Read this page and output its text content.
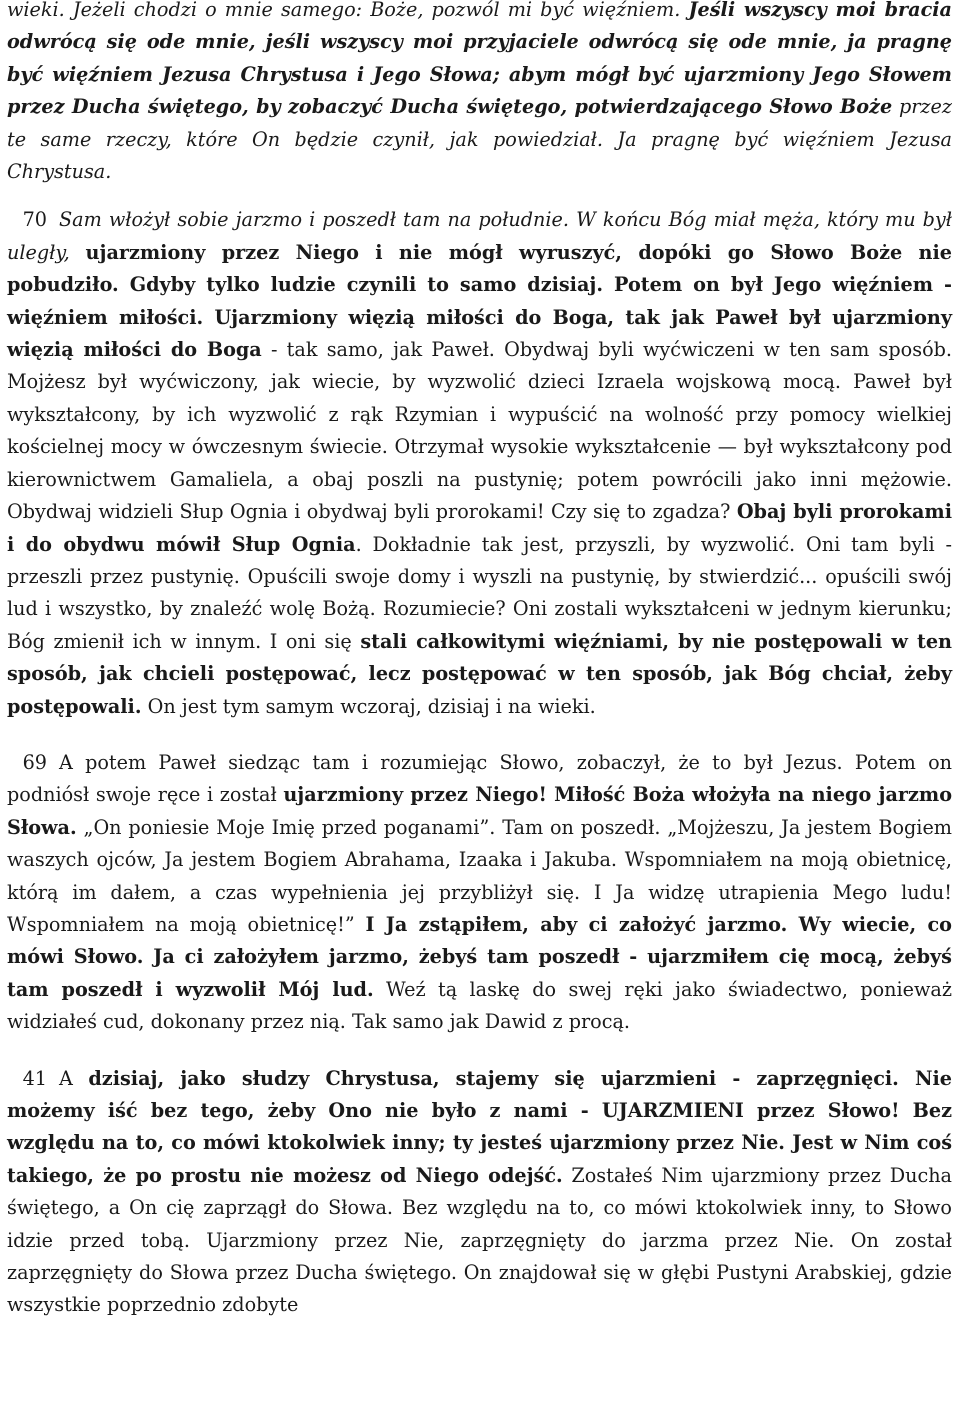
wieki. Jeżeli chodzi o mnie samego: Boże, pozwól mi być więźniem. Jeśli wszyscy moi bracia odwrócą się ode mnie, jeśli wszyscy moi przyjaciele odwrócą się ode mnie, ja pragnę być więźniem Jezusa Chrystusa i Jego Słowa; abym mógł być ujarzmiony Jego Słowem przez Ducha świętego, by zobaczyć Ducha świętego, potwierdzającego Słowo Boże przez te same rzeczy, które On będzie czynił, jak powiedział. Ja pragnę być więźniem Jezusa Chrystusa.

70 Sam włożył sobie jarzmo i poszedł tam na południe. W końcu Bóg miał męża, który mu był uległy, ujarzmiony przez Niego i nie mógł wyruszyć, dopóki go Słowo Boże nie pobudziło. Gdyby tylko ludzie czynili to samo dzisiaj. Potem on był Jego więźniem - więźniem miłości. Ujarzmiony więzią miłości do Boga, tak jak Paweł był ujarzmiony więzią miłości do Boga - tak samo, jak Paweł. Obydwaj byli wyćwiczeni w ten sam sposób. Mojżesz był wyćwiczony, jak wiecie, by wyzwolić dzieci Izraela wojskową mocą. Paweł był wykształcony, by ich wyzwolić z rąk Rzymian i wypuścić na wolność przy pomocy wielkiej kościelnej mocy w ówczesnym świecie. Otrzymał wysokie wykształcenie — był wykształcony pod kierownictwem Gamaliela, a obaj poszli na pustynię; potem powrócili jako inni mężowie. Obydwaj widzieli Słup Ognia i obydwaj byli prorokami! Czy się to zgadza? Obaj byli prorokami i do obydwu mówił Słup Ognia. Dokładnie tak jest, przyszli, by wyzwolić. Oni tam byli - przeszli przez pustynię. Opuścili swoje domy i wyszli na pustynię, by stwierdzić... opuścili swój lud i wszystko, by znaleźć wolę Bożą. Rozumiecie? Oni zostali wykształceni w jednym kierunku; Bóg zmienił ich w innym. I oni się stali całkowitymi więźniami, by nie postępowali w ten sposób, jak chcieli postępować, lecz postępować w ten sposób, jak Bóg chciał, żeby postępowali. On jest tym samym wczoraj, dzisiaj i na wieki.

69 A potem Paweł siedząc tam i rozumiejąc Słowo, zobaczył, że to był Jezus. Potem on podniósł swoje ręce i został ujarzmiony przez Niego! Miłość Boża włożyła na niego jarzmo Słowa. „On poniesie Moje Imię przed poganami”. Tam on poszedł. „Mojżeszu, Ja jestem Bogiem waszych ojców, Ja jestem Bogiem Abrahama, Izaaka i Jakuba. Wspomniałem na moją obietnicę, którą im dałem, a czas wypełnienia jej przybliżył się. I Ja widzę utrapienia Mego ludu! Wspomniałem na moją obietnicę!” I Ja zstąpiłem, aby ci założyć jarzmo. Wy wiecie, co mówi Słowo. Ja ci założyłem jarzmo, żebyś tam poszedł - ujarzmiłem cię mocą, żebyś tam poszedł i wyzwolił Mój lud. Weź tą laskę do swej ręki jako świadectwo, ponieważ widziałeś cud, dokonany przez nią. Tak samo jak Dawid z procą.

41 A dzisiaj, jako słudzy Chrystusa, stajemy się ujarzmieni - zaprzęgnięci. Nie możemy iść bez tego, żeby Ono nie było z nami - UJARZMIENI przez Słowo! Bez względu na to, co mówi ktokolwiek inny; ty jesteś ujarzmiony przez Nie. Jest w Nim coś takiego, że po prostu nie możesz od Niego odejść. Zostałeś Nim ujarzmiony przez Ducha świętego, a On cię zaprzągł do Słowa. Bez względu na to, co mówi ktokolwiek inny, to Słowo idzie przed tobą. Ujarzmiony przez Nie, zaprzęgnięty do jarzma przez Nie. On został zaprzęgnięty do Słowa przez Ducha świętego. On znajdował się w głębi Pustyni Arabskiej, gdzie wszystkie poprzednio zdobyte
